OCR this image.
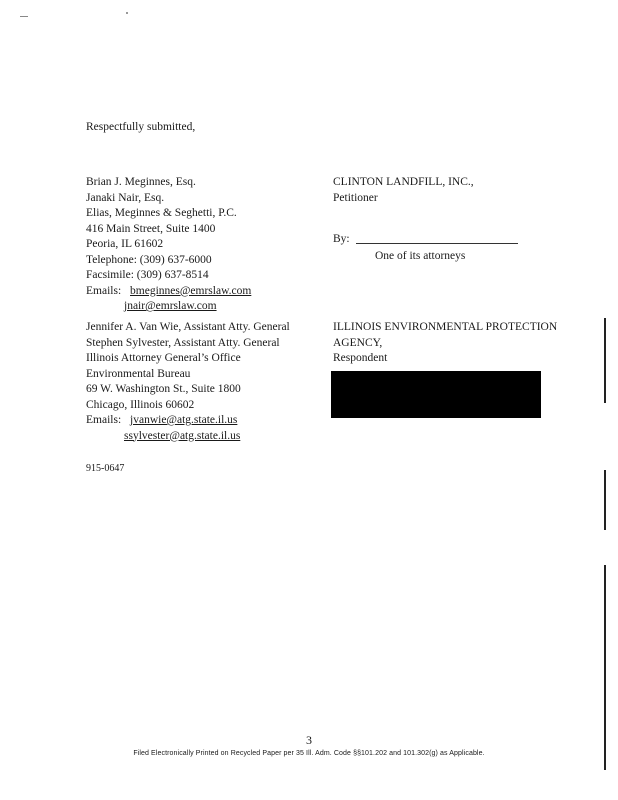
Respectfully submitted,
Brian J. Meginnes, Esq.
Janaki Nair, Esq.
Elias, Meginnes & Seghetti, P.C.
416 Main Street, Suite 1400
Peoria, IL 61602
Telephone: (309) 637-6000
Facsimile: (309) 637-8514
Emails: bmeginnes@emrslaw.com
jnair@emrslaw.com
CLINTON LANDFILL, INC.,
Petitioner
By:
One of its attorneys
Jennifer A. Van Wie, Assistant Atty. General
Stephen Sylvester, Assistant Atty. General
Illinois Attorney General’s Office
Environmental Bureau
69 W. Washington St., Suite 1800
Chicago, Illinois 60602
Emails: jvanwie@atg.state.il.us
ssylvester@atg.state.il.us
ILLINOIS ENVIRONMENTAL PROTECTION
AGENCY,
Respondent
915-0647
3
Filed Electronically Printed on Recycled Paper per 35 Ill. Adm. Code §§101.202 and 101.302(g) as Applicable.
